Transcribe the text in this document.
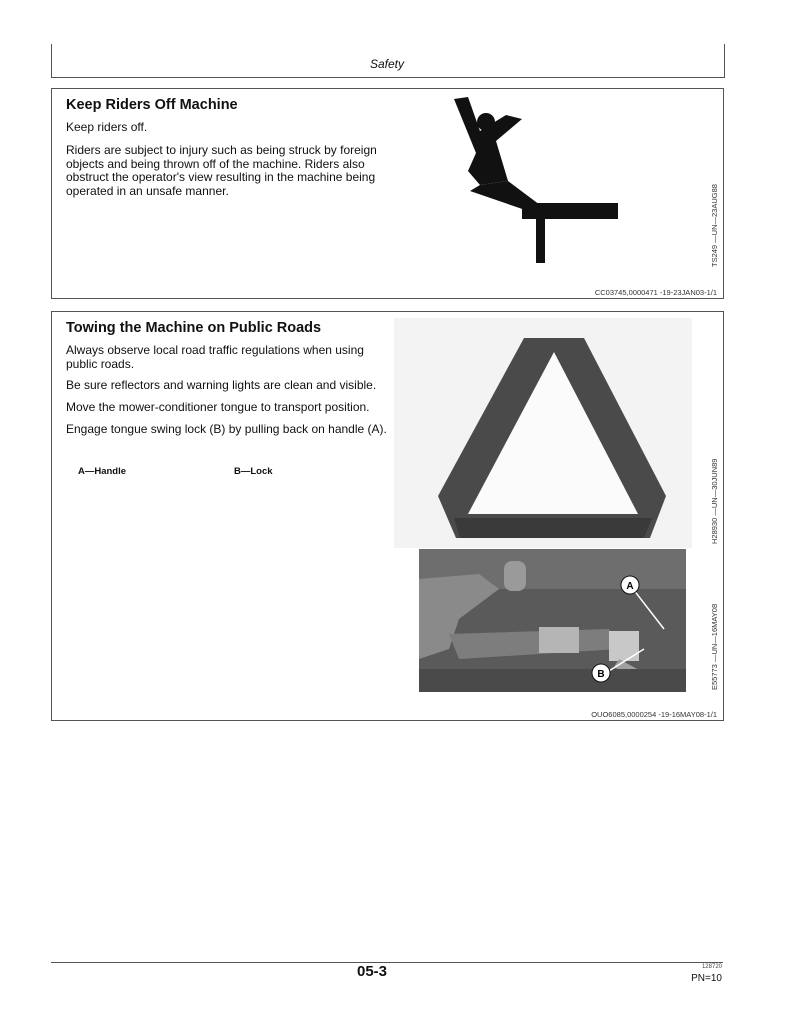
Safety
Keep Riders Off Machine
Keep riders off.
Riders are subject to injury such as being struck by foreign objects and being thrown off of the machine. Riders also obstruct the operator's view resulting in the machine being operated in an unsafe manner.	TS249 —UN—23AUG88
CC03745,0000471 -19-23JAN03-1/1
Towing the Machine on Public Roads
Always observe local road traffic regulations when using public roads.
Be sure reflectors and warning lights are clean and visible.
Move the mower-conditioner tongue to transport position.
Engage tongue swing lock (B) by pulling back on handle (A).
A—Handle	B—Lock
A
B
H28930 —UN—30JUN89
E55773 —UN—16MAY08
OUO6085,0000254 -19-16MAY08-1/1
05-3	128720
PN=10
